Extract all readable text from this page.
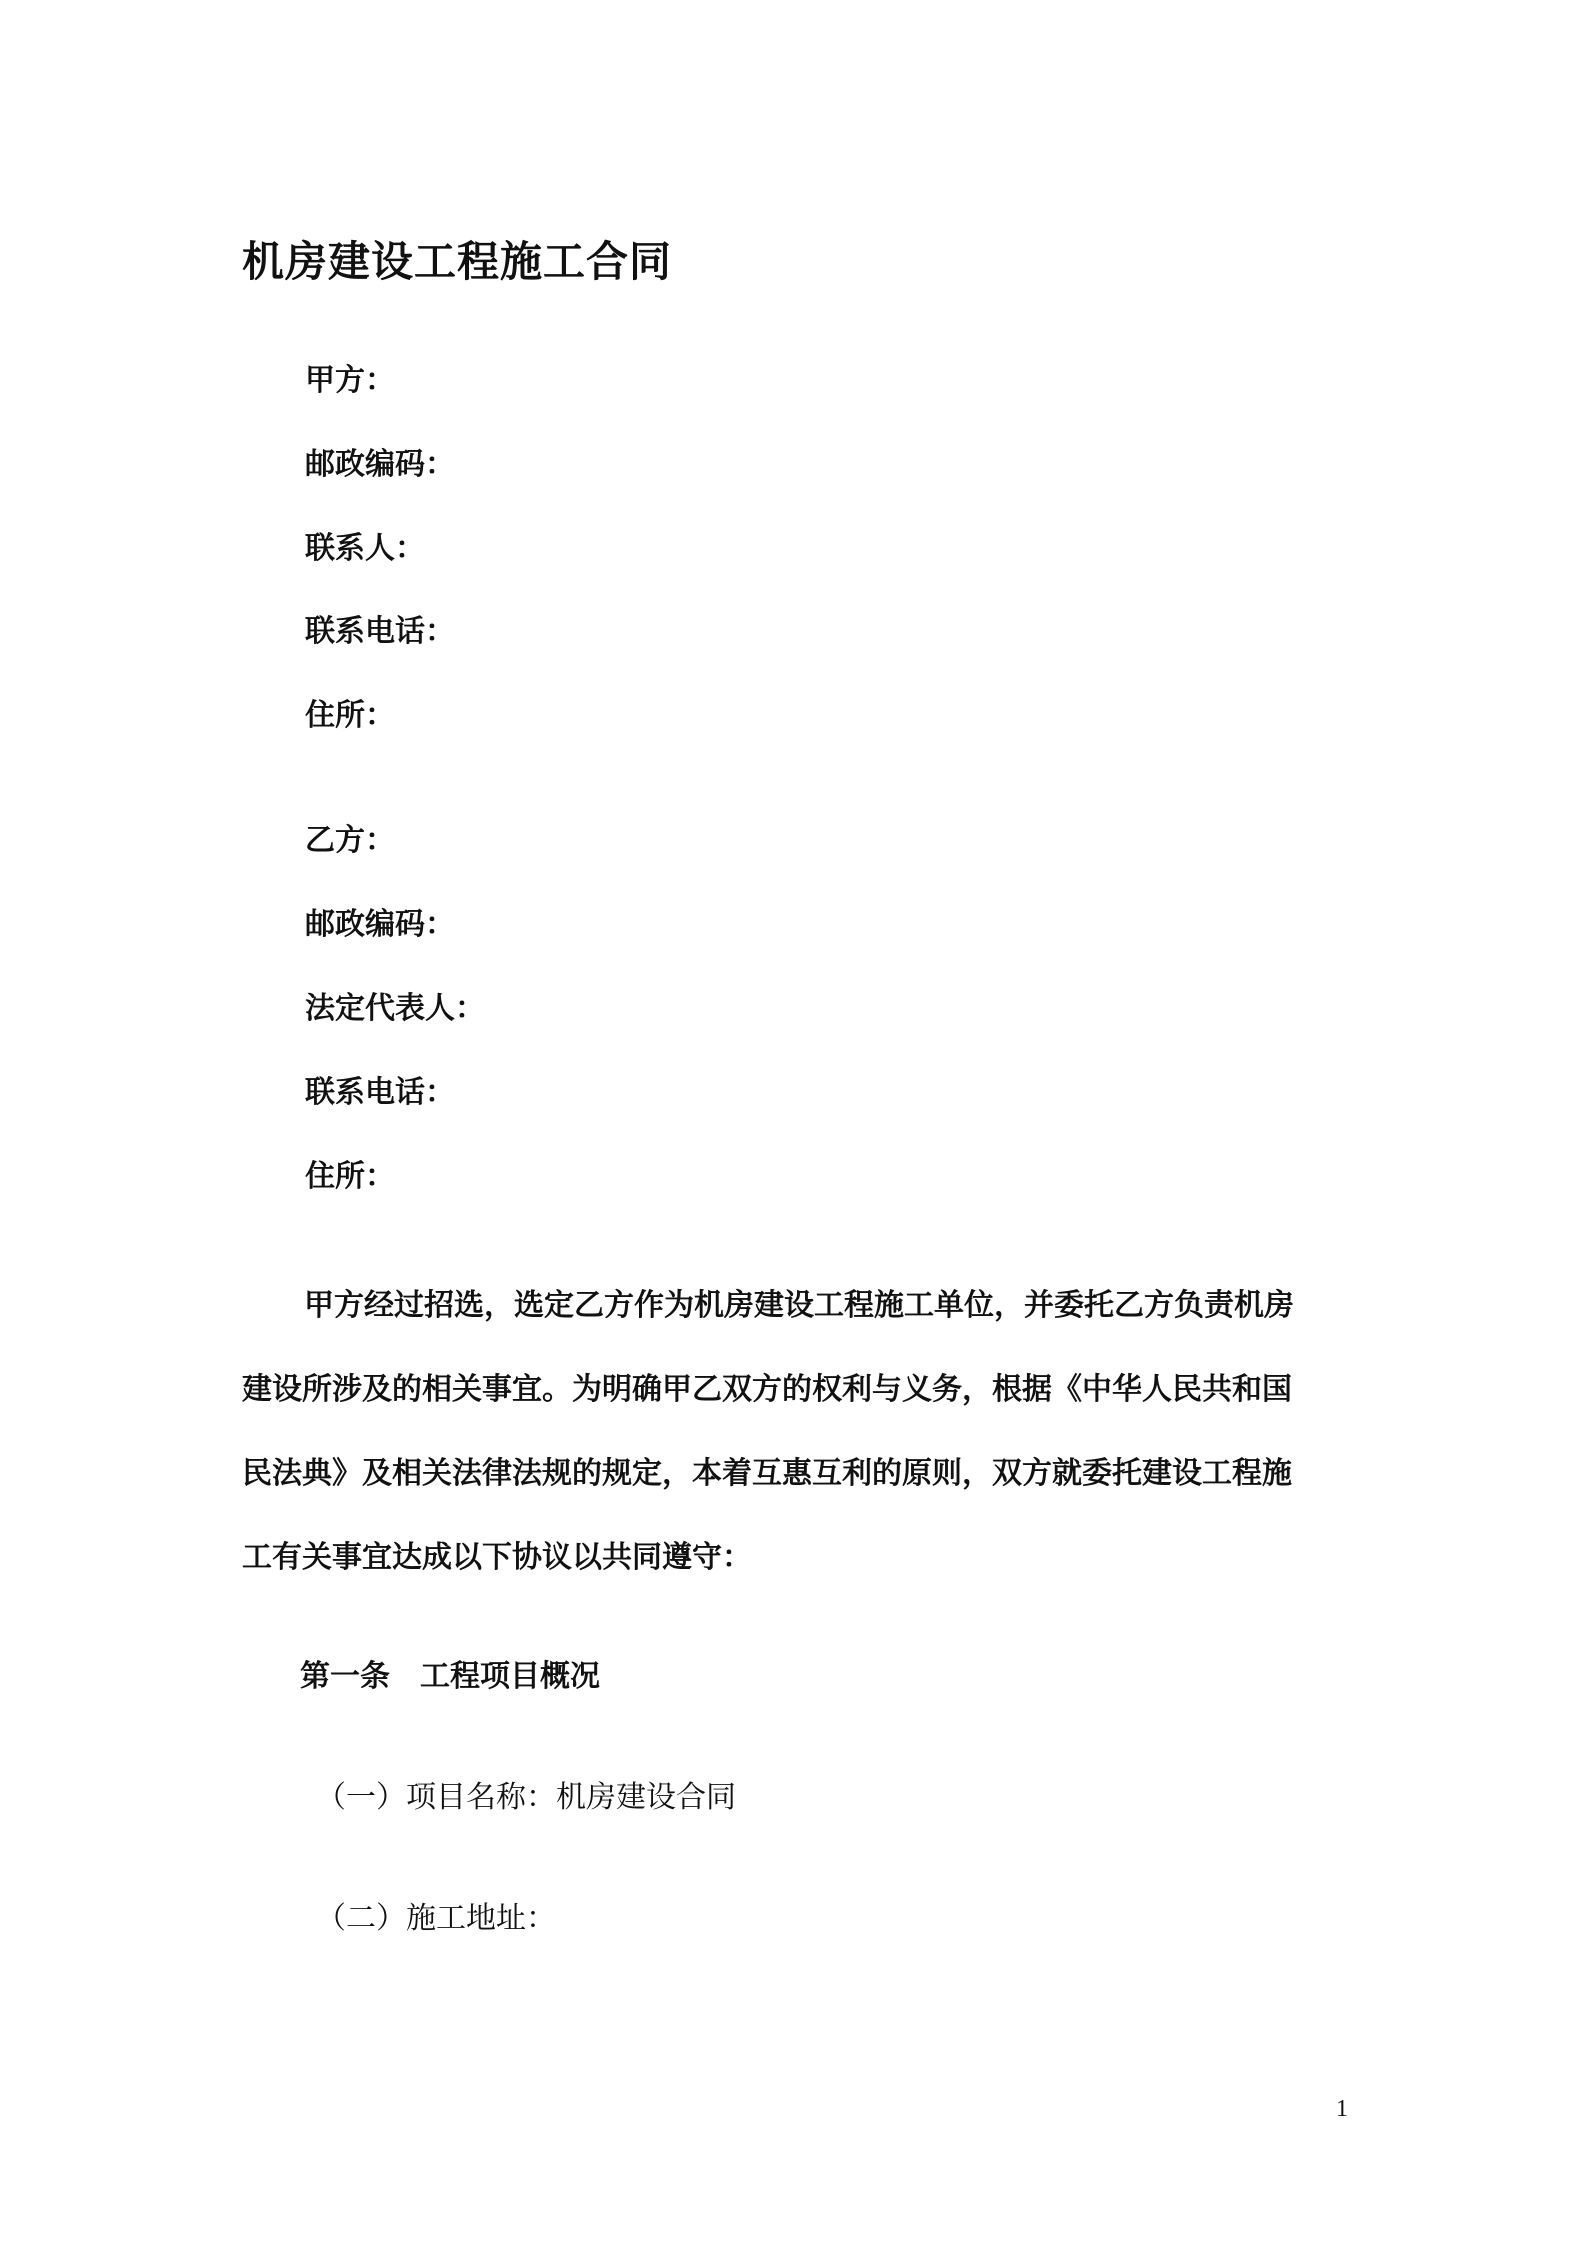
机房建设工程施工合同
甲方：
邮政编码：
联系人：
联系电话：
住所：
乙方：
邮政编码：
法定代表人：
联系电话：
住所：
甲方经过招选，选定乙方作为机房建设工程施工单位，并委托乙方负责机房
建设所涉及的相关事宜。为明确甲乙双方的权利与义务，根据《中华人民共和国
民法典》及相关法律法规的规定，本着互惠互利的原则，双方就委托建设工程施
工有关事宜达成以下协议以共同遵守：
第一条 工程项目概况
（一）项目名称：机房建设合同
（二）施工地址：
1
